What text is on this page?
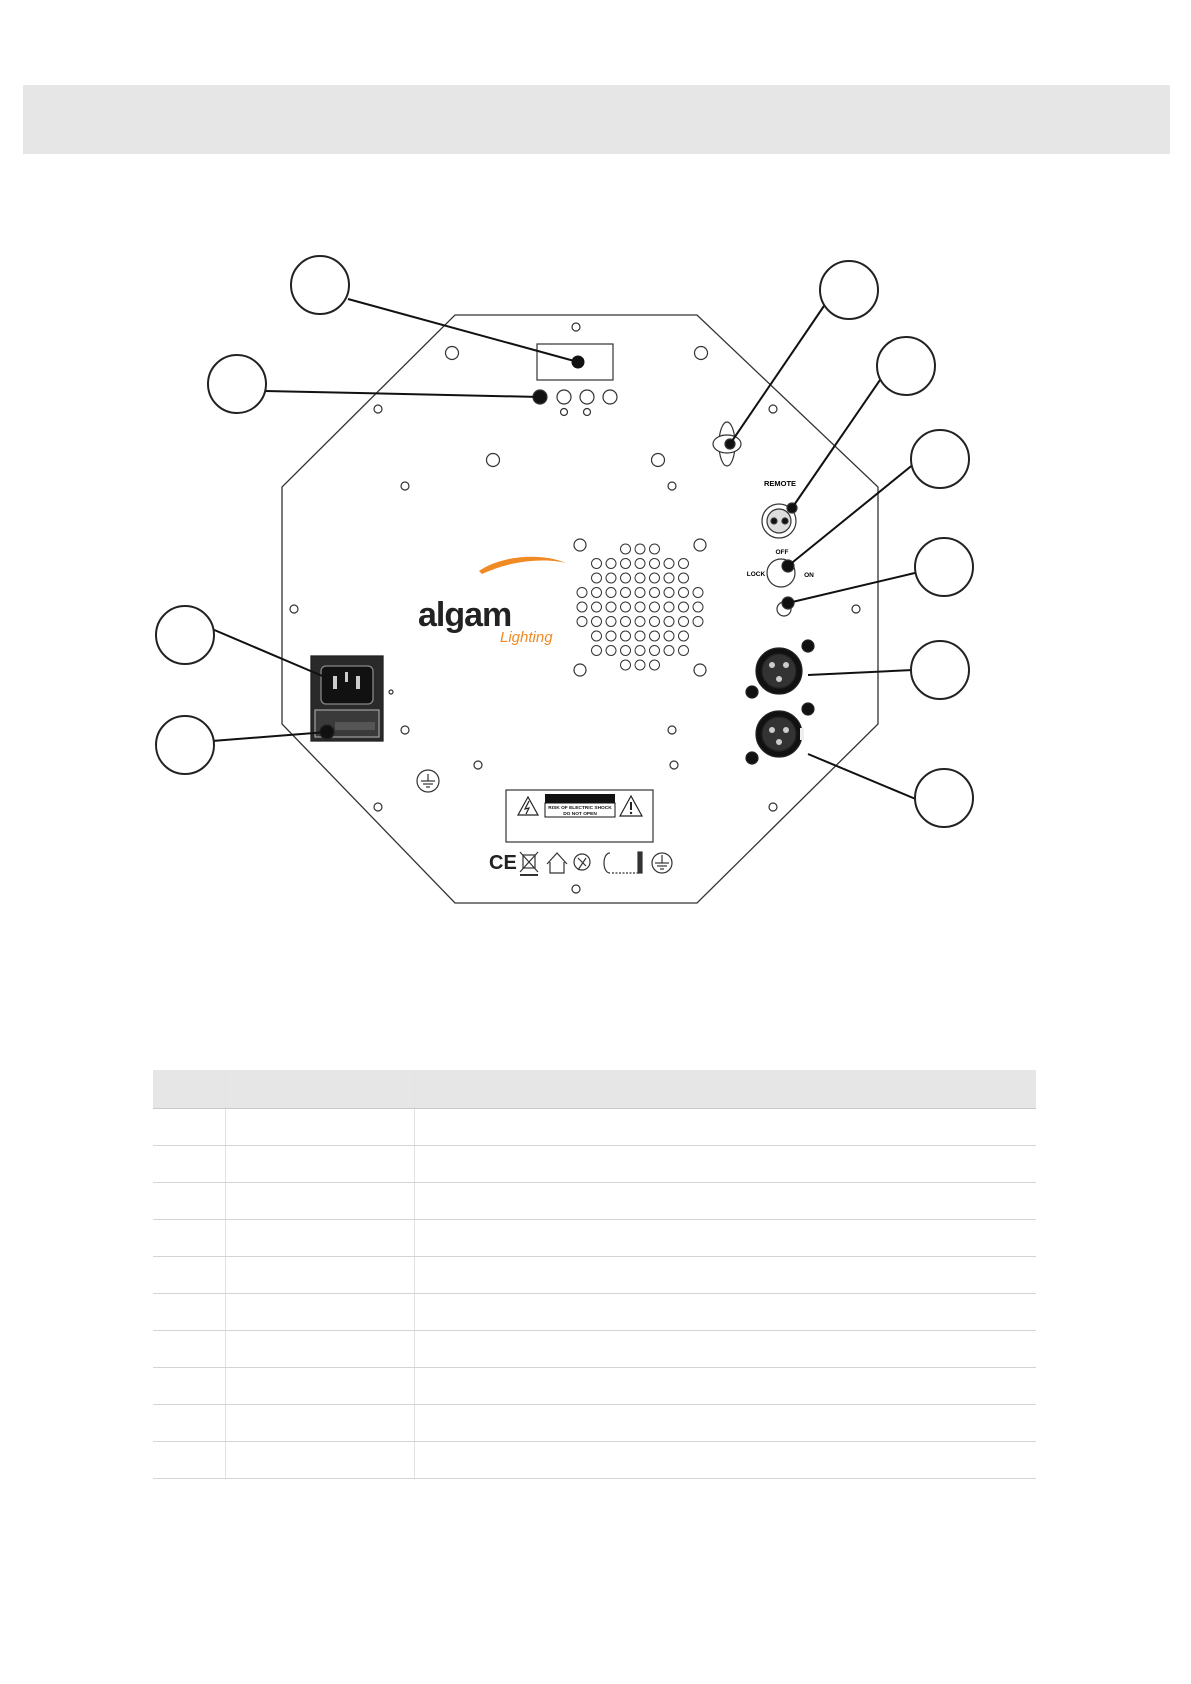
REMOTE
OFF
LOCK	ON
algam
Lighting
RISK OF ELECTRIC SHOCK
DO NOT OPEN
CE
